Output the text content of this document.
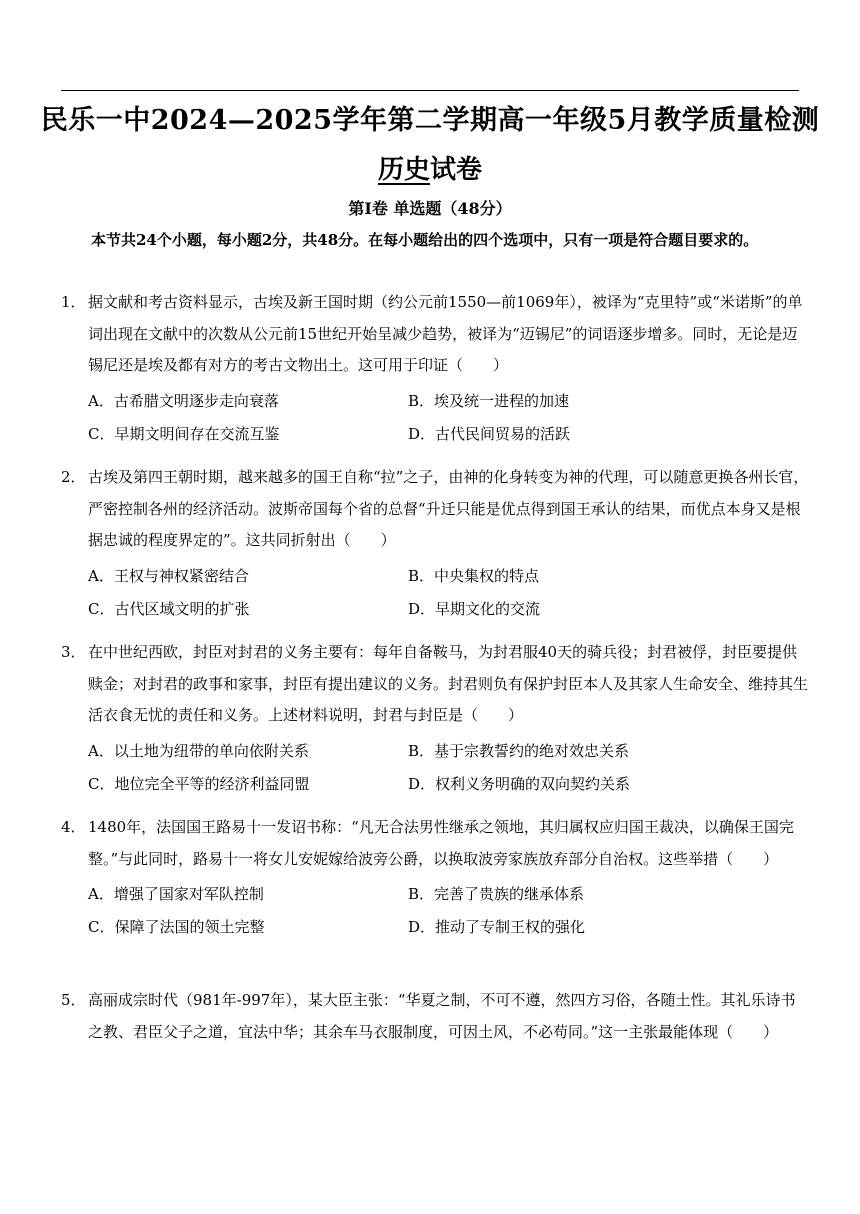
民乐一中2024—2025学年第二学期高一年级5月教学质量检测
历史试卷
第Ⅰ卷 单选题（48分）
本节共24个小题，每小题2分，共48分。在每小题给出的四个选项中，只有一项是符合题目要求的。
1． 据文献和考古资料显示，古埃及新王国时期（约公元前1550—前1069年），被译为“克里特”或“米诺斯”的单词出现在文献中的次数从公元前15世纪开始呈减少趋势，被译为“迈锡尼”的词语逐步增多。同时，无论是迈锡尼还是埃及都有对方的考古文物出土。这可用于印证（　　）
A．古希腊文明逐步走向衰落	B．埃及统一进程的加速
C．早期文明间存在交流互鉴	D．古代民间贸易的活跃
2． 古埃及第四王朝时期，越来越多的国王自称“拉”之子，由神的化身转变为神的代理，可以随意更换各州长官，严密控制各州的经济活动。波斯帝国每个省的总督“升迁只能是优点得到国王承认的结果，而优点本身又是根据忠诚的程度界定的”。这共同折射出（　　）
A．王权与神权紧密结合	B．中央集权的特点
C．古代区域文明的扩张	D．早期文化的交流
3． 在中世纪西欧，封臣对封君的义务主要有：每年自备鞍马，为封君服40天的骑兵役；封君被俘，封臣要提供赎金；对封君的政事和家事，封臣有提出建议的义务。封君则负有保护封臣本人及其家人生命安全、维持其生活衣食无忧的责任和义务。上述材料说明，封君与封臣是（　　）
A．以土地为纽带的单向依附关系	B．基于宗教誓约的绝对效忠关系
C．地位完全平等的经济利益同盟	D．权利义务明确的双向契约关系
4． 1480年，法国国王路易十一发诏书称：“凡无合法男性继承之领地，其归属权应归国王裁决，以确保王国完整。”与此同时，路易十一将女儿安妮嫁给波旁公爵，以换取波旁家族放弃部分自治权。这些举措（　　）
A．增强了国家对军队控制	B．完善了贵族的继承体系
C．保障了法国的领土完整	D．推动了专制王权的强化
5． 高丽成宗时代（981年-997年），某大臣主张：“华夏之制，不可不遵，然四方习俗，各随土性。其礼乐诗书之教、君臣父子之道，宜法中华；其余车马衣服制度，可因土风，不必苟同。”这一主张最能体现（　　）
